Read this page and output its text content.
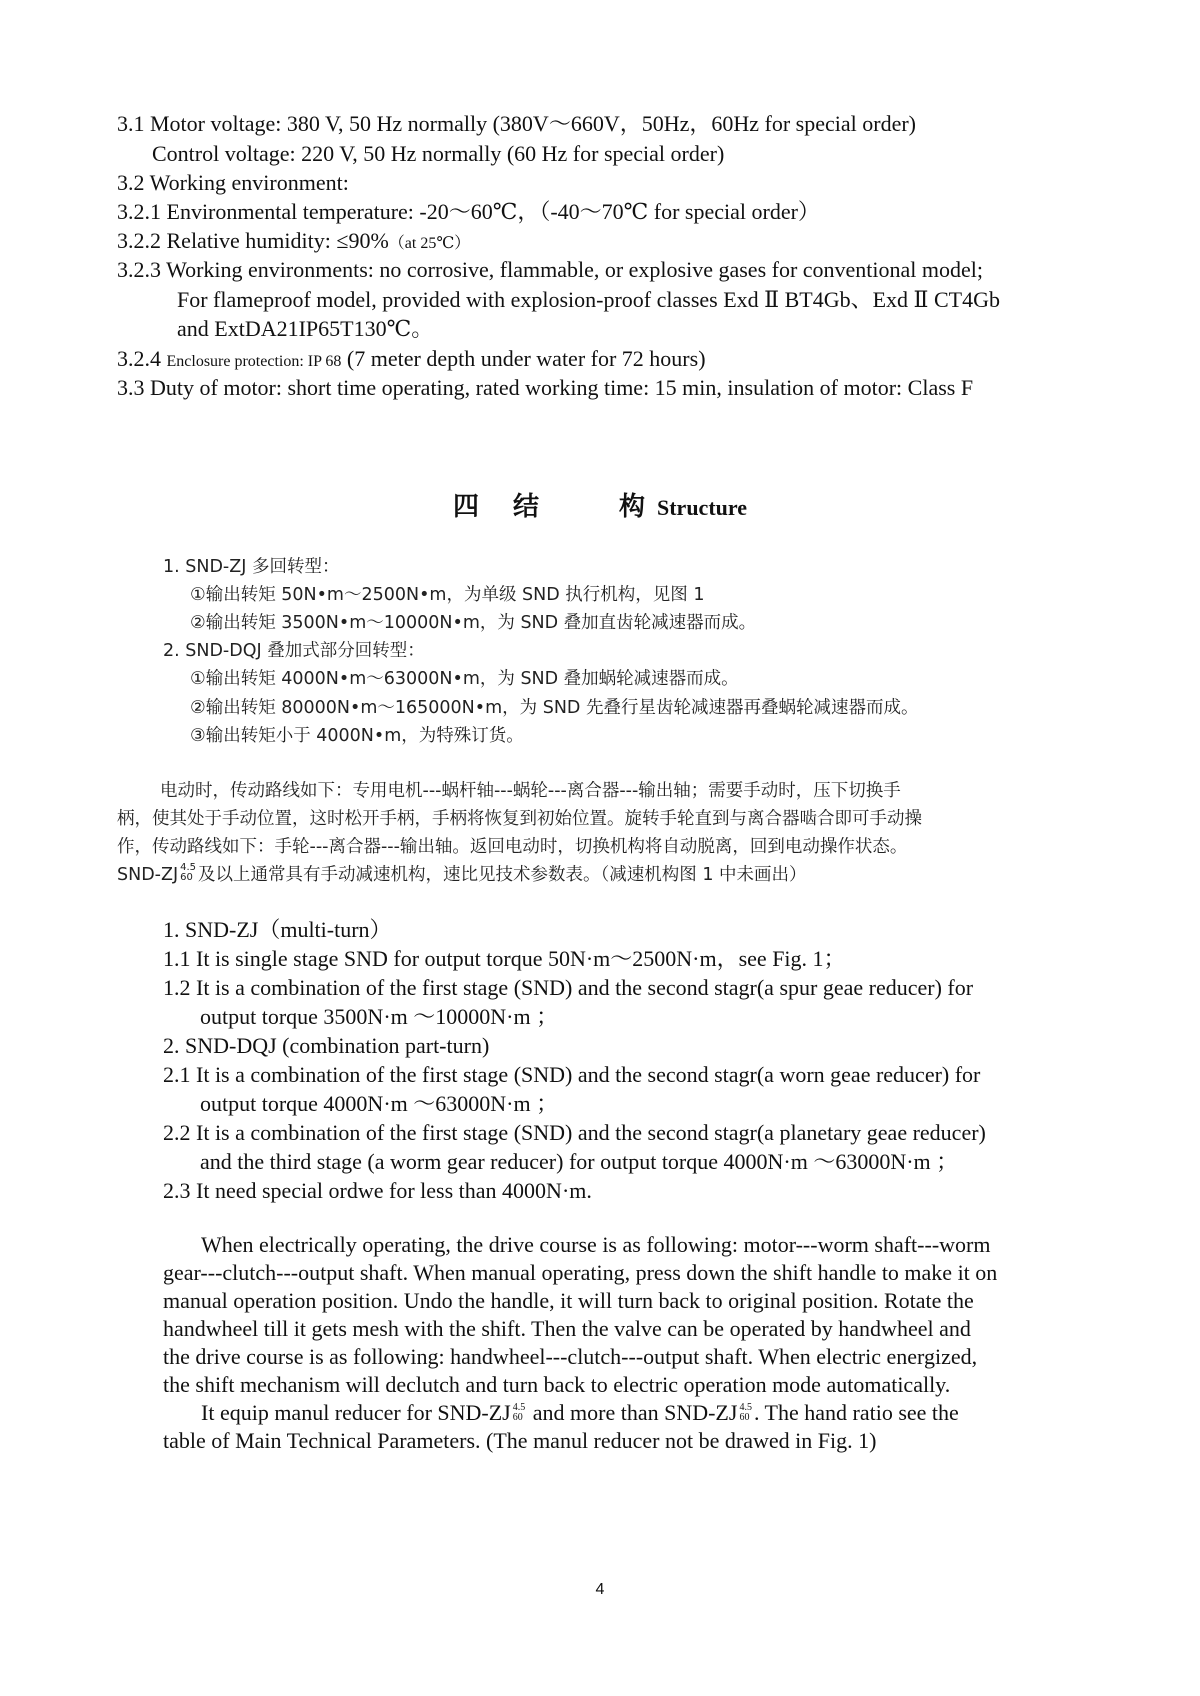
3.1 Motor voltage: 380 V, 50 Hz normally (380V～660V，50Hz，60Hz for special order)
Control voltage: 220 V, 50 Hz normally (60 Hz for special order)
3.2 Working environment:
3.2.1 Environmental temperature: -20～60℃，（-40～70℃ for special order）
3.2.2 Relative humidity: ≤90%（at 25℃）
3.2.3 Working environments: no corrosive, flammable, or explosive gases for conventional model;
For flameproof model, provided with explosion-proof classes Exd Ⅱ BT4Gb、Exd Ⅱ CT4Gb
and ExtDA21IP65T130℃。
3.2.4 Enclosure protection: IP 68 (7 meter depth under water for 72 hours)
3.3 Duty of motor: short time operating, rated working time: 15 min, insulation of motor: Class F
四 结	构 Structure
1. SND-ZJ 多回转型：
①输出转矩 50N•m～2500N•m，为单级 SND 执行机构，见图 1
②输出转矩 3500N•m～10000N•m，为 SND 叠加直齿轮减速器而成。
2. SND-DQJ 叠加式部分回转型：
①输出转矩 4000N•m～63000N•m，为 SND 叠加蜗轮减速器而成。
②输出转矩 80000N•m～165000N•m，为 SND 先叠行星齿轮减速器再叠蜗轮减速器而成。
③输出转矩小于 4000N•m，为特殊订货。
电动时，传动路线如下：专用电机---蜗杆轴---蜗轮---离合器---输出轴；需要手动时，压下切换手
柄，使其处于手动位置，这时松开手柄，手柄将恢复到初始位置。旋转手轮直到与离合器啮合即可手动操
作，传动路线如下：手轮---离合器---输出轴。返回电动时，切换机构将自动脱离，回到电动操作状态。
SND-ZJ 4.5
60 及以上通常具有手动减速机构，速比见技术参数表。（减速机构图 1 中未画出）
1. SND-ZJ（multi-turn）
1.1 It is single stage SND for output torque 50N·m～2500N·m，see Fig. 1；
1.2 It is a combination of the first stage (SND) and the second stagr(a spur geae reducer) for
output torque 3500N·m ～10000N·m ；
2. SND-DQJ (combination part-turn)
2.1 It is a combination of the first stage (SND) and the second stagr(a worn geae reducer) for
output torque 4000N·m ～63000N·m ；
2.2 It is a combination of the first stage (SND) and the second stagr(a planetary geae reducer)
and the third stage (a worm gear reducer) for output torque 4000N·m ～63000N·m ；
2.3 It need special ordwe for less than 4000N·m.
When electrically operating, the drive course is as following: motor---worm shaft---worm
gear---clutch---output shaft. When manual operating, press down the shift handle to make it on
manual operation position. Undo the handle, it will turn back to original position. Rotate the
handwheel till it gets mesh with the shift. Then the valve can be operated by handwheel and
the drive course is as following: handwheel---clutch---output shaft. When electric energized,
the shift mechanism will declutch and turn back to electric operation mode automatically.
It equip manul reducer for SND-ZJ 4.5
60 and more than SND-ZJ 4.5
60 . The hand ratio see the
table of Main Technical Parameters. (The manul reducer not be drawed in Fig. 1)
4
